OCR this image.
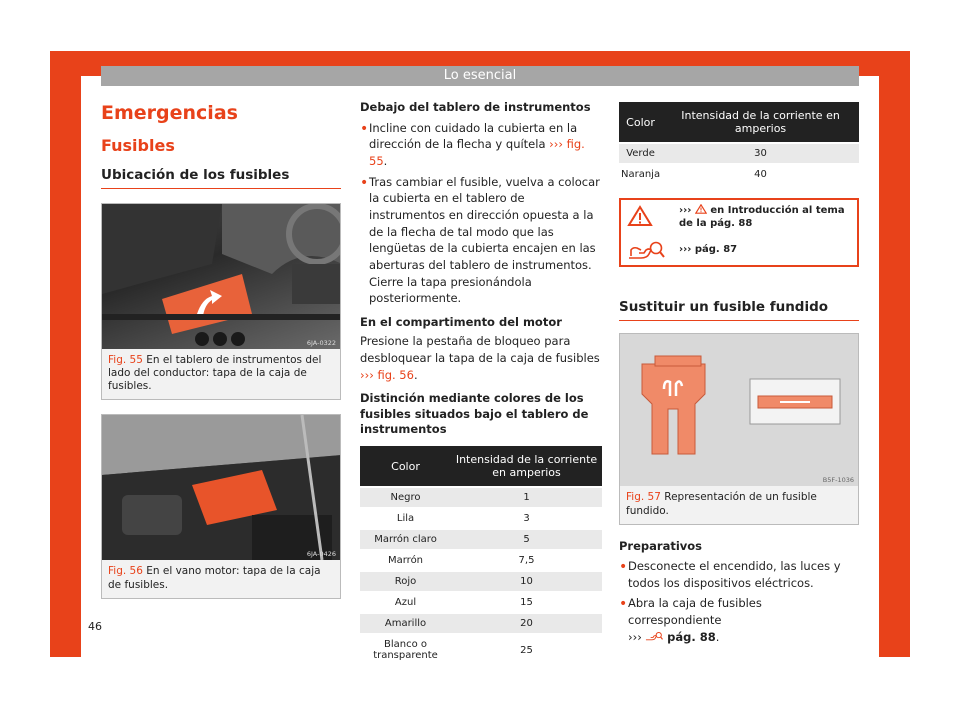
Lo esencial
Emergencias
Fusibles
Ubicación de los fusibles
6JA-0322
Fig. 55 En el tablero de instrumentos del lado del conductor: tapa de la caja de fusibles.
6JA-0426
Fig. 56 En el vano motor: tapa de la caja de fusibles.
Debajo del tablero de instrumentos
• Incline con cuidado la cubierta en la dirección de la flecha y quítela ››› fig. 55.
• Tras cambiar el fusible, vuelva a colocar la cubierta en el tablero de instrumentos en dirección opuesta a la de la flecha de tal modo que las lengüetas de la cubierta encajen en las aberturas del tablero de instrumentos. Cierre la tapa presionándola posteriormente.
En el compartimento del motor
Presione la pestaña de bloqueo para desbloquear la tapa de la caja de fusibles ››› fig. 56.
Distinción mediante colores de los fusibles situados bajo el tablero de instrumentos
Color	Intensidad de la corriente en amperios
Negro	1
Lila	3
Marrón claro	5
Marrón	7,5
Rojo	10
Azul	15
Amarillo	20
Blanco o transparente	25
Color	Intensidad de la corriente en amperios
Verde	30
Naranja	40
››› en Introducción al tema de la pág. 88
››› pág. 87
Sustituir un fusible fundido
B5F-1036
Fig. 57 Representación de un fusible fundido.
Preparativos
• Desconecte el encendido, las luces y todos los dispositivos eléctricos.
• Abra la caja de fusibles correspondiente
››› pág. 88.
46
